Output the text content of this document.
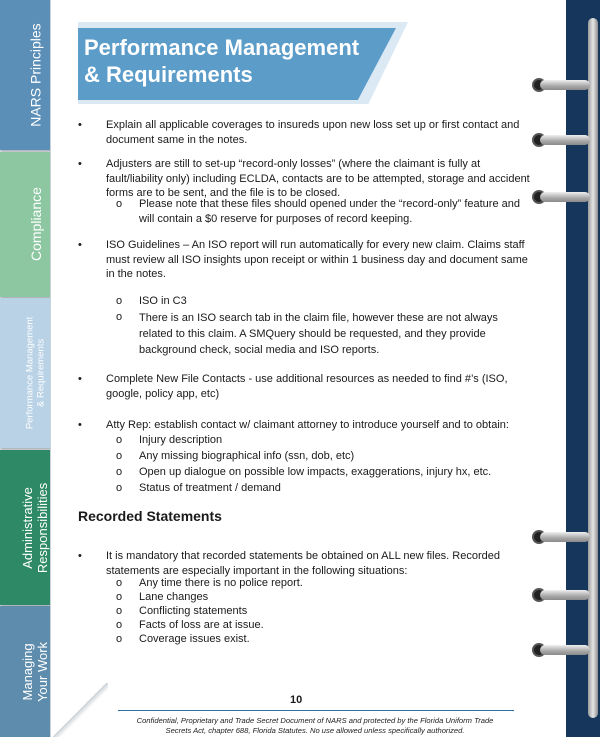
NARS Principles
Compliance
Performance Management & Requirements
Administrative Responsibilities
Managing Your Work
Performance Management
& Requirements
•	Explain all applicable coverages to insureds upon new loss set up or first contact and document same in the notes.
•	Adjusters are still to set-up “record-only losses” (where the claimant is fully at fault/liability only) including ECLDA, contacts are to be attempted, storage and accident forms are to be sent, and the file is to be closed.
o	Please note that these files should opened under the “record-only” feature and will contain a $0 reserve for purposes of record keeping.
•	ISO Guidelines – An ISO report will run automatically for every new claim. Claims staff must review all ISO insights upon receipt or within 1 business day and document same in the notes.
o	ISO in C3
o	There is an ISO search tab in the claim file, however these are not always related to this claim. A SMQuery should be requested, and they provide background check, social media and ISO reports.
•	Complete New File Contacts - use additional resources as needed to find #’s (ISO, google, policy app, etc)
•	Atty Rep: establish contact w/ claimant attorney to introduce yourself and to obtain:
o	Injury description
o	Any missing biographical info (ssn, dob, etc)
o	Open up dialogue on possible low impacts, exaggerations, injury hx, etc.
o	Status of treatment / demand
Recorded Statements
•	It is mandatory that recorded statements be obtained on ALL new files. Recorded statements are especially important in the following situations:
o	Any time there is no police report.
o	Lane changes
o	Conflicting statements
o	Facts of loss are at issue.
o	Coverage issues exist.
10
Confidential, Proprietary and Trade Secret Document of NARS and protected by the Florida Uniform Trade
Secrets Act, chapter 688, Florida Statutes. No use allowed unless specifically authorized.
